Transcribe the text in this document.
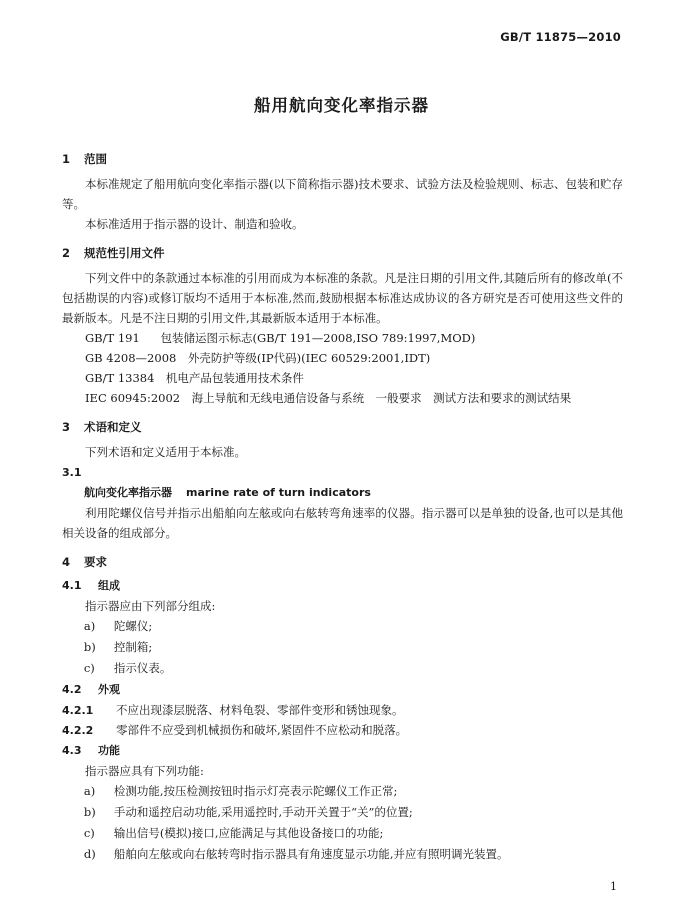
GB/T 11875—2010
船用航向变化率指示器
1 范围

本标准规定了船用航向变化率指示器(以下简称指示器)技术要求、试验方法及检验规则、标志、包装和贮存等。

本标准适用于指示器的设计、制造和验收。

2 规范性引用文件

下列文件中的条款通过本标准的引用而成为本标准的条款。凡是注日期的引用文件,其随后所有的修改单(不包括勘误的内容)或修订版均不适用于本标准,然而,鼓励根据本标准达成协议的各方研究是否可使用这些文件的最新版本。凡是不注日期的引用文件,其最新版本适用于本标准。

GB/T 191　 包装储运图示标志(GB/T 191—2008,ISO 789:1997,MOD)
GB 4208—2008　 外壳防护等级(IP代码)(IEC 60529:2001,IDT)
GB/T 13384　 机电产品包装通用技术条件
IEC 60945:2002　 海上导航和无线电通信设备与系统　一般要求　测试方法和要求的测试结果
3 术语和定义

下列术语和定义适用于本标准。

3.1
航向变化率指示器 marine rate of turn indicators

利用陀螺仪信号并指示出船舶向左舷或向右舷转弯角速率的仪器。指示器可以是单独的设备,也可以是其他相关设备的组成部分。

4 要求
4.1 组成

指示器应由下列部分组成:

a) 陀螺仪;
b) 控制箱;
c) 指示仪表。
4.2 外观
4.2.1 不应出现漆层脱落、材料龟裂、零部件变形和锈蚀现象。
4.2.2 零部件不应受到机械损伤和破坏,紧固件不应松动和脱落。
4.3 功能

指示器应具有下列功能:

a) 检测功能,按压检测按钮时指示灯亮表示陀螺仪工作正常;
b) 手动和遥控启动功能,采用遥控时,手动开关置于“关”的位置;
c) 输出信号(模拟)接口,应能满足与其他设备接口的功能;
d) 船舶向左舷或向右舷转弯时指示器具有角速度显示功能,并应有照明调光装置。
1
